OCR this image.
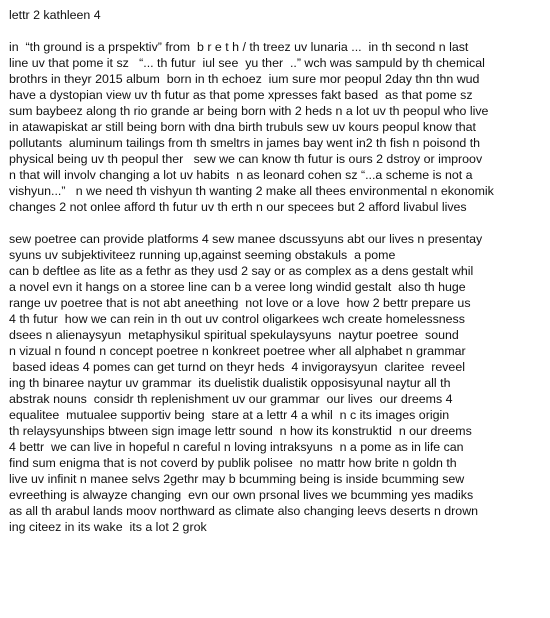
lettr 2 kathleen 4
in  “th ground is a prspektiv” from  b r e t h / th treez uv lunaria ...  in th second n last
line uv that pome it sz   “... th futur  iul see  yu ther  ..” wch was sampuld by th chemical
brothrs in theyr 2015 album  born in th echoez  ium sure mor peopul 2day thn thn wud
have a dystopian view uv th futur as that pome xpresses fakt based  as that pome sz
sum baybeez along th rio grande ar being born with 2 heds n a lot uv th peopul who live
in atawapiskat ar still being born with dna birth trubuls sew uv kours peopul know that
pollutants  aluminum tailings from th smeltrs in james bay went in2 th fish n poisond th
physical being uv th peopul ther   sew we can know th futur is ours 2 dstroy or improov
n that will involv changing a lot uv habits  n as leonard cohen sz “...a scheme is not a
vishyun...”   n we need th vishyun th wanting 2 make all thees environmental n ekonomik
changes 2 not onlee afford th futur uv th erth n our specees but 2 afford livabul lives
sew poetree can provide platforms 4 sew manee dscussyuns abt our lives n presentay
syuns uv subjektiviteez running up,against seeming obstakuls  a pome
can b deftlee as lite as a fethr as they usd 2 say or as complex as a dens gestalt whil
a novel evn it hangs on a storee line can b a veree long windid gestalt  also th huge
range uv poetree that is not abt aneething  not love or a love  how 2 bettr prepare us
4 th futur  how we can rein in th out uv control oligarkees wch create homelessness
dsees n alienaysyun  metaphysikul spiritual spekulaysyuns  naytur poetree  sound
n vizual n found n concept poetree n konkreet poetree wher all alphabet n grammar
based ideas 4 pomes can get turnd on theyr heds  4 invigoraysyun  claritee  reveel
ing th binaree naytur uv grammar  its duelistik dualistik opposisyunal naytur all th
abstrak nouns  considr th replenishment uv our grammar  our lives  our dreems 4
equalitee  mutualee supportiv being  stare at a lettr 4 a whil  n c its images origin
th relaysyunships btween sign image lettr sound  n how its konstruktid  n our dreems
4 bettr  we can live in hopeful n careful n loving intraksyuns  n a pome as in life can
find sum enigma that is not coverd by publik polisee  no mattr how brite n goldn th
live uv infinit n manee selvs 2gethr may b bcumming being is inside bcumming sew
evreething is alwayze changing  evn our own prsonal lives we bcumming yes madiks
as all th arabul lands moov northward as climate also changing leevs deserts n drown
ing citeez in its wake  its a lot 2 grok
